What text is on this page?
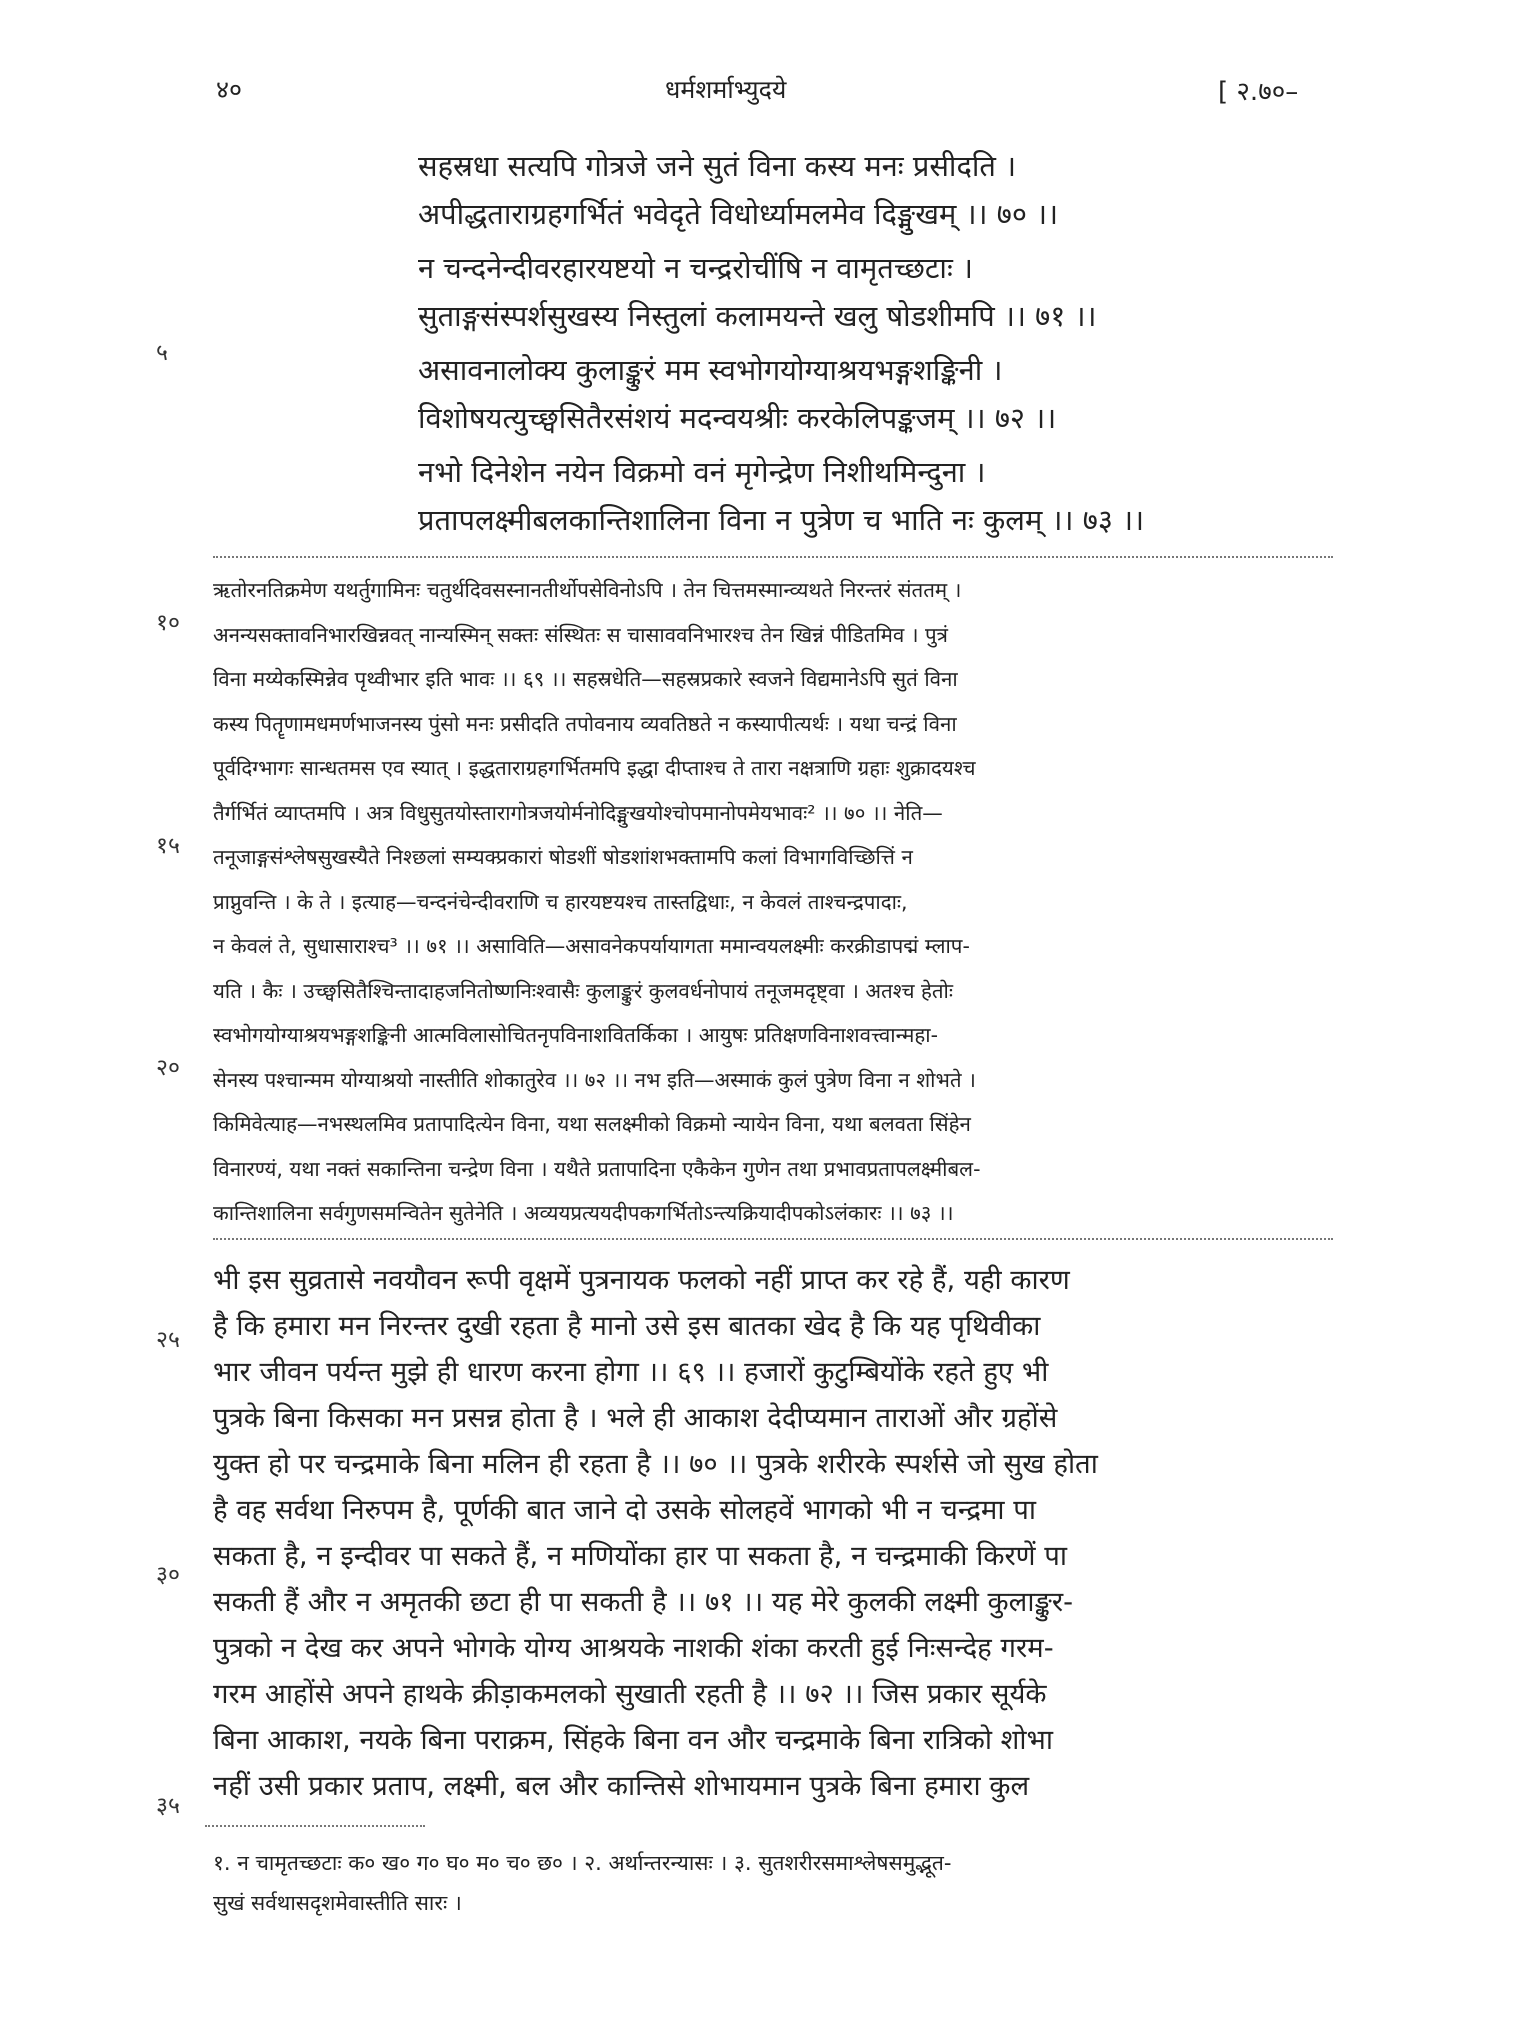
४०	धर्मशर्माभ्युदये	[ २.७०–
सहस्रधा सत्यपि गोत्रजे जने सुतं विना कस्य मनः प्रसीदति ।
अपीद्धताराग्रहगर्भितं भवेदृते विधोर्ध्यामलमेव दिङ्मुखम् ।। ७० ।।
न चन्दनेन्दीवरहारयष्टयो न चन्द्ररोचींषि न वामृतच्छटाः ।
सुताङ्गसंस्पर्शसुखस्य निस्तुलां कलामयन्ते खलु षोडशीमपि ।। ७१ ।।
असावनालोक्य कुलाङ्कुरं मम स्वभोगयोग्याश्रयभङ्गशङ्किनी ।
विशोषयत्युच्छ्वसितैरसंशयं मदन्वयश्रीः करकेलिपङ्कजम् ।। ७२ ।।
नभो दिनेशेन नयेन विक्रमो वनं मृगेन्द्रेण निशीथमिन्दुना ।
प्रतापलक्ष्मीबलकान्तिशालिना विना न पुत्रेण च भाति नः कुलम् ।। ७३ ।।
ऋतोरनतिक्रमेण यथर्तुगामिनः चतुर्थदिवसस्नानतीर्थोपसेविनोऽपि । तेन चित्तमस्मान्व्यथते निरन्तरं संततम् ।
अनन्यसक्तावनिभारखिन्नवत् नान्यस्मिन् सक्तः संस्थितः स चासाववनिभारश्च तेन खिन्नं पीडितमिव । पुत्रं
विना मय्येकस्मिन्नेव पृथ्वीभार इति भावः ।। ६९ ।। सहस्रधेति—सहस्रप्रकारे स्वजने विद्यमानेऽपि सुतं विना
कस्य पितॄणामधमर्णभाजनस्य पुंसो मनः प्रसीदति तपोवनाय व्यवतिष्ठते न कस्यापीत्यर्थः । यथा चन्द्रं विना
पूर्वदिग्भागः सान्धतमस एव स्यात् । इद्धताराग्रहगर्भितमपि इद्धा दीप्ताश्च ते तारा नक्षत्राणि ग्रहाः शुक्रादयश्च
तैर्गर्भितं व्याप्तमपि । अत्र विधुसुतयोस्तारागोत्रजयोर्मनोदिङ्मुखयोश्चोपमानोपमेयभावः² ।। ७० ।। नेति—
तनूजाङ्गसंश्लेषसुखस्यैते निश्छलां सम्यक्प्रकारां षोडशीं षोडशांशभक्तामपि कलां विभागविच्छित्तिं न
प्राप्नुवन्ति । के ते । इत्याह—चन्दनंचेन्दीवराणि च हारयष्टयश्च तास्तद्विधाः, न केवलं ताश्चन्द्रपादाः,
न केवलं ते, सुधासाराश्च³ ।। ७१ ।। असाविति—असावनेकपर्यायागता ममान्वयलक्ष्मीः करक्रीडापद्मं म्लाप-
यति । कैः । उच्छ्वसितैश्चिन्तादाहजनितोष्णनिःश्वासैः कुलाङ्कुरं कुलवर्धनोपायं तनूजमदृष्ट्वा । अतश्च हेतोः
स्वभोगयोग्याश्रयभङ्गशङ्किनी आत्मविलासोचितनृपविनाशवितर्किका । आयुषः प्रतिक्षणविनाशवत्त्वान्महा-
सेनस्य पश्चान्मम योग्याश्रयो नास्तीति शोकातुरेव ।। ७२ ।। नभ इति—अस्माकं कुलं पुत्रेण विना न शोभते ।
किमिवेत्याह—नभस्थलमिव प्रतापादित्येन विना, यथा सलक्ष्मीको विक्रमो न्यायेन विना, यथा बलवता सिंहेन
विनारण्यं, यथा नक्तं सकान्तिना चन्द्रेण विना । यथैते प्रतापादिना एकैकेन गुणेन तथा प्रभावप्रतापलक्ष्मीबल-
कान्तिशालिना सर्वगुणसमन्वितेन सुतेनेति । अव्ययप्रत्ययदीपकगर्भितोऽन्त्यक्रियादीपकोऽलंकारः ।। ७३ ।।
भी इस सुव्रतासे नवयौवन रूपी वृक्षमें पुत्रनायक फलको नहीं प्राप्त कर रहे हैं, यही कारण
है कि हमारा मन निरन्तर दुखी रहता है मानो उसे इस बातका खेद है कि यह पृथिवीका
भार जीवन पर्यन्त मुझे ही धारण करना होगा ।। ६९ ।। हजारों कुटुम्बियोंके रहते हुए भी
पुत्रके बिना किसका मन प्रसन्न होता है । भले ही आकाश देदीप्यमान ताराओं और ग्रहोंसे
युक्त हो पर चन्द्रमाके बिना मलिन ही रहता है ।। ७० ।। पुत्रके शरीरके स्पर्शसे जो सुख होता
है वह सर्वथा निरुपम है, पूर्णकी बात जाने दो उसके सोलहवें भागको भी न चन्द्रमा पा
सकता है, न इन्दीवर पा सकते हैं, न मणियोंका हार पा सकता है, न चन्द्रमाकी किरणें पा
सकती हैं और न अमृतकी छटा ही पा सकती है ।। ७१ ।। यह मेरे कुलकी लक्ष्मी कुलाङ्कुर-
पुत्रको न देख कर अपने भोगके योग्य आश्रयके नाशकी शंका करती हुई निःसन्देह गरम-
गरम आहोंसे अपने हाथके क्रीड़ाकमलको सुखाती रहती है ।। ७२ ।। जिस प्रकार सूर्यके
बिना आकाश, नयके बिना पराक्रम, सिंहके बिना वन और चन्द्रमाके बिना रात्रिको शोभा
नहीं उसी प्रकार प्रताप, लक्ष्मी, बल और कान्तिसे शोभायमान पुत्रके बिना हमारा कुल
१. न चामृतच्छटाः क० ख० ग० घ० म० च० छ० । २. अर्थान्तरन्यासः । ३. सुतशरीरसमाश्लेषसमुद्भूत-
सुखं सर्वथासदृशमेवास्तीति सारः ।
५
१०
१५
२०
२५
३०
३५
